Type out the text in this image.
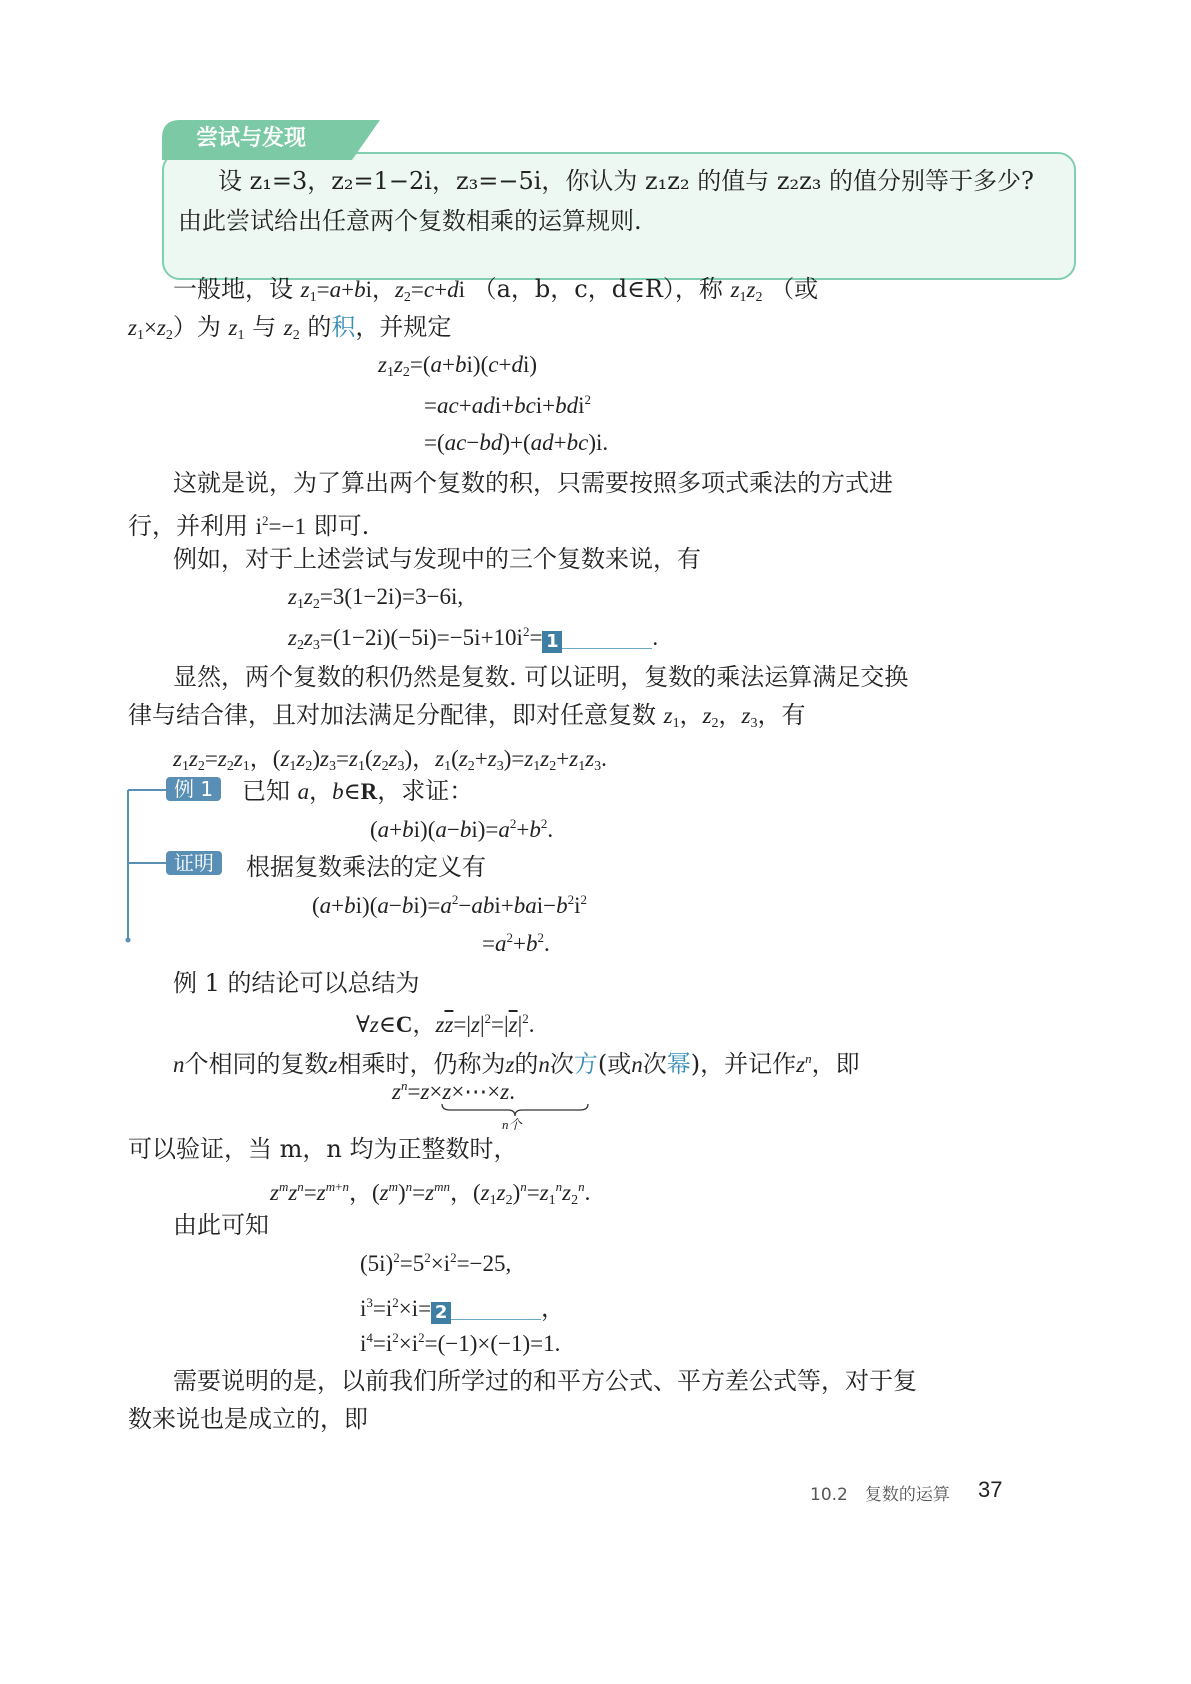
尝试与发现
设 z₁=3，z₂=1−2i，z₃=−5i，你认为 z₁z₂ 的值与 z₂z₃ 的值分别等于多少?
由此尝试给出任意两个复数相乘的运算规则.
一般地，设 $z_1=a+bi$，$z_2=c+di$ （a，b，c，d∈R），称 $z_1z_2$ （或
$z_1\times z_2$）为 $z_1$ 与 $z_2$ 的积，并规定
$z_1z_2=(a+bi)(c+di)$
=ac+adi+bci+bdi$^2$
=(ac−bd)+(ad+bc)i.
这就是说，为了算出两个复数的积，只需要按照多项式乘法的方式进
行，并利用 $i^2=-1$ 即可.
例如，对于上述尝试与发现中的三个复数来说，有
$z_1z_2=3(1-2i)=3-6i$,
$z_2z_3=(1-2i)(-5i)=-5i+10i^2= 1$	.
显然，两个复数的积仍然是复数. 可以证明，复数的乘法运算满足交换
律与结合律，且对加法满足分配律，即对任意复数 $z_1$，$z_2$，$z_3$，有
$z_1z_2=z_2z_1$，$(z_1z_2)z_3=z_1(z_2z_3)$，$z_1(z_2+z_3)=z_1z_2+z_1z_3$.
例 1	已知 a，b∈R，求证：
$(a+bi)(a-bi)=a^2+b^2$.
证明	根据复数乘法的定义有
$(a+bi)(a-bi)=a^2-abi+bai-b^2i^2$
$=a^2+b^2$.
例 1 的结论可以总结为
∀z∈C，$z\overline{z}=|z|^2=|\overline{z}|^2$.
n个相同的复数z相乘时，仍称为z的n次方(或n次幂)，并记作$z^n$，即
$z^n=z\times z\times\cdots\times z$.
n个
可以验证，当 m，n 均为正整数时，
$z^mz^n=z^{m+n}$，$(z^m)^n=z^{mn}$，$(z_1z_2)^n=z_1^nz_2^n$.
由此可知
$(5i)^2=5^2\times i^2=-25$,
$i^3=i^2\times i= 2$	，
$i^4=i^2\times i^2=(-1)\times(-1)=1$.
需要说明的是，以前我们所学过的和平方公式、平方差公式等，对于复
数来说也是成立的，即
10.2　复数的运算 37
